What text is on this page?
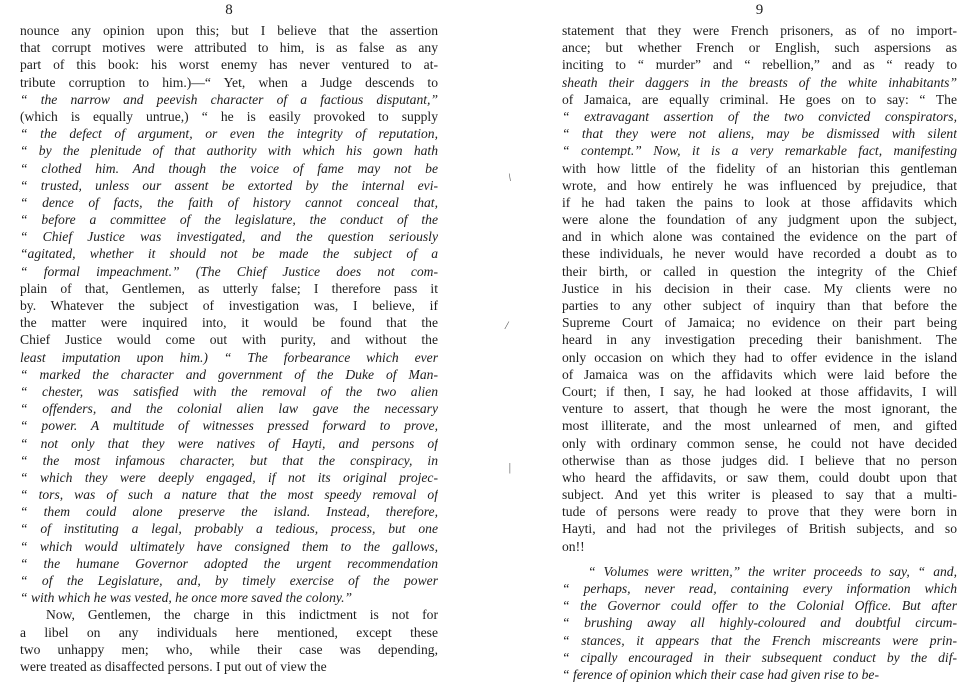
8
nounce any opinion upon this; but I believe that the assertion
that corrupt motives were attributed to him, is as false as any
part of this book: his worst enemy has never ventured to at-
tribute corruption to him.)—“ Yet, when a Judge descends to
“ the narrow and peevish character of a factious disputant,”
(which is equally untrue,) “ he is easily provoked to supply
“ the defect of argument, or even the integrity of reputation,
“ by the plenitude of that authority with which his gown hath
“ clothed him. And though the voice of fame may not be
“ trusted, unless our assent be extorted by the internal evi-
“ dence of facts, the faith of history cannot conceal that,
“ before a committee of the legislature, the conduct of the
“ Chief Justice was investigated, and the question seriously
“agitated, whether it should not be made the subject of a
“ formal impeachment.” (The Chief Justice does not com-
plain of that, Gentlemen, as utterly false; I therefore pass it
by. Whatever the subject of investigation was, I believe, if
the matter were inquired into, it would be found that the
Chief Justice would come out with purity, and without the
least imputation upon him.) “ The forbearance which ever
“ marked the character and government of the Duke of Man-
“ chester, was satisfied with the removal of the two alien
“ offenders, and the colonial alien law gave the necessary
“ power. A multitude of witnesses pressed forward to prove,
“ not only that they were natives of Hayti, and persons of
“ the most infamous character, but that the conspiracy, in
“ which they were deeply engaged, if not its original projec-
“ tors, was of such a nature that the most speedy removal of
“ them could alone preserve the island. Instead, therefore,
“ of instituting a legal, probably a tedious, process, but one
“ which would ultimately have consigned them to the gallows,
“ the humane Governor adopted the urgent recommendation
“ of the Legislature, and, by timely exercise of the power
“ with which he was vested, he once more saved the colony.”
Now, Gentlemen, the charge in this indictment is not for
a libel on any individuals here mentioned, except these
two unhappy men; who, while their case was depending,
were treated as disaffected persons. I put out of view the
9
statement that they were French prisoners, as of no import-
ance; but whether French or English, such aspersions as
inciting to “ murder” and “ rebellion,” and as “ ready to
sheath their daggers in the breasts of the white inhabitants”
of Jamaica, are equally criminal. He goes on to say: “ The
“ extravagant assertion of the two convicted conspirators,
“ that they were not aliens, may be dismissed with silent
“ contempt.” Now, it is a very remarkable fact, manifesting
with how little of the fidelity of an historian this gentleman
wrote, and how entirely he was influenced by prejudice, that
if he had taken the pains to look at those affidavits which
were alone the foundation of any judgment upon the subject,
and in which alone was contained the evidence on the part of
these individuals, he never would have recorded a doubt as to
their birth, or called in question the integrity of the Chief
Justice in his decision in their case. My clients were no
parties to any other subject of inquiry than that before the
Supreme Court of Jamaica; no evidence on their part being
heard in any investigation preceding their banishment. The
only occasion on which they had to offer evidence in the island
of Jamaica was on the affidavits which were laid before the
Court; if then, I say, he had looked at those affidavits, I will
venture to assert, that though he were the most ignorant, the
most illiterate, and the most unlearned of men, and gifted
only with ordinary common sense, he could not have decided
otherwise than as those judges did. I believe that no person
who heard the affidavits, or saw them, could doubt upon that
subject. And yet this writer is pleased to say that a multi-
tude of persons were ready to prove that they were born in
Hayti, and had not the privileges of British subjects, and so
on!!
“ Volumes were written,” the writer proceeds to say, “ and,
“ perhaps, never read, containing every information which
“ the Governor could offer to the Colonial Office. But after
“ brushing away all highly-coloured and doubtful circum-
“ stances, it appears that the French miscreants were prin-
“ cipally encouraged in their subsequent conduct by the dif-
“ ference of opinion which their case had given rise to be-
\
/
|
